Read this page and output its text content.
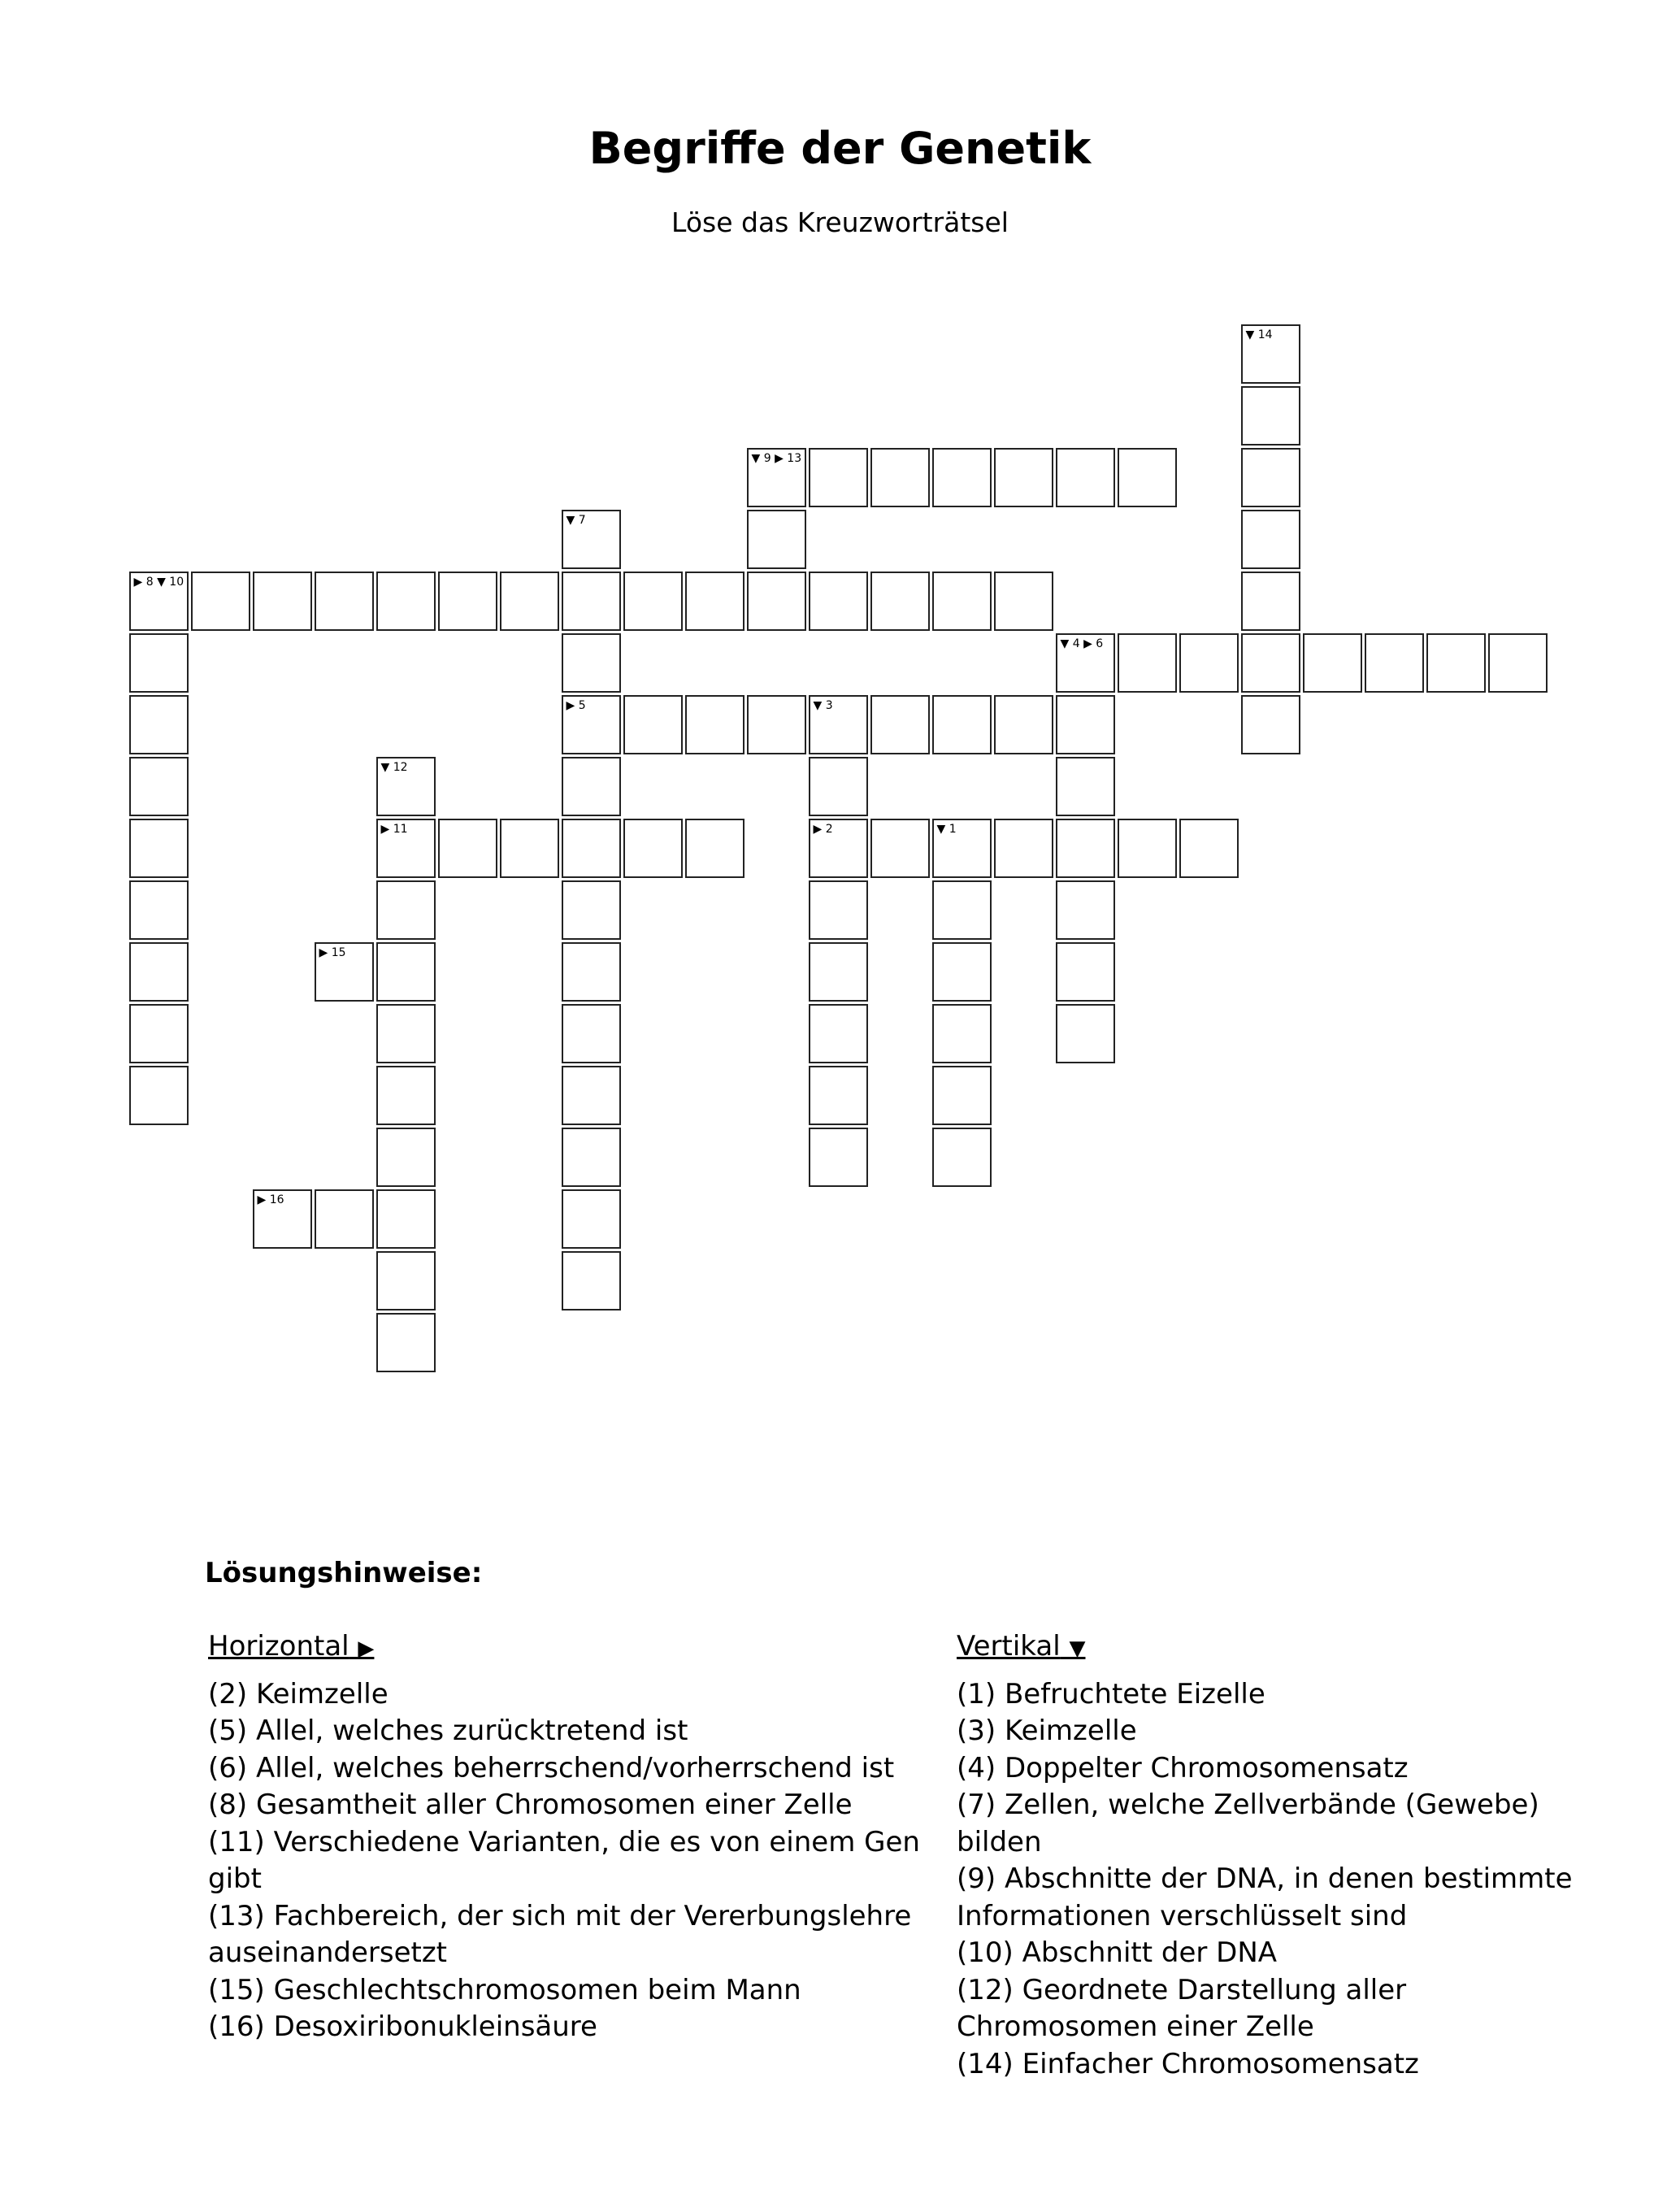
Begriffe der Genetik
Löse das Kreuzworträtsel
▼ 1
▶ 2
▼ 3
▼ 4 ▶ 6
▶ 5
▼ 7
▶ 8 ▼ 10
▼ 9 ▶ 13
▶ 11
▼ 12
▼ 14
▶ 15
▶ 16
Lösungshinweise:
Horizontal ▶

(2) Keimzelle

(5) Allel, welches zurücktretend ist

(6) Allel, welches beherrschend/vorherrschend ist

(8) Gesamtheit aller Chromosomen einer Zelle

(11) Verschiedene Varianten, die es von einem Gen gibt

(13) Fachbereich, der sich mit der Vererbungslehre auseinandersetzt

(15) Geschlechtschromosomen beim Mann

(16) Desoxiribonukleinsäure

Vertikal ▼

(1) Befruchtete Eizelle

(3) Keimzelle

(4) Doppelter Chromosomensatz

(7) Zellen, welche Zellverbände (Gewebe) bilden

(9) Abschnitte der DNA, in denen bestimmte Informationen verschlüsselt sind

(10) Abschnitt der DNA

(12) Geordnete Darstellung aller Chromosomen einer Zelle

(14) Einfacher Chromosomensatz
